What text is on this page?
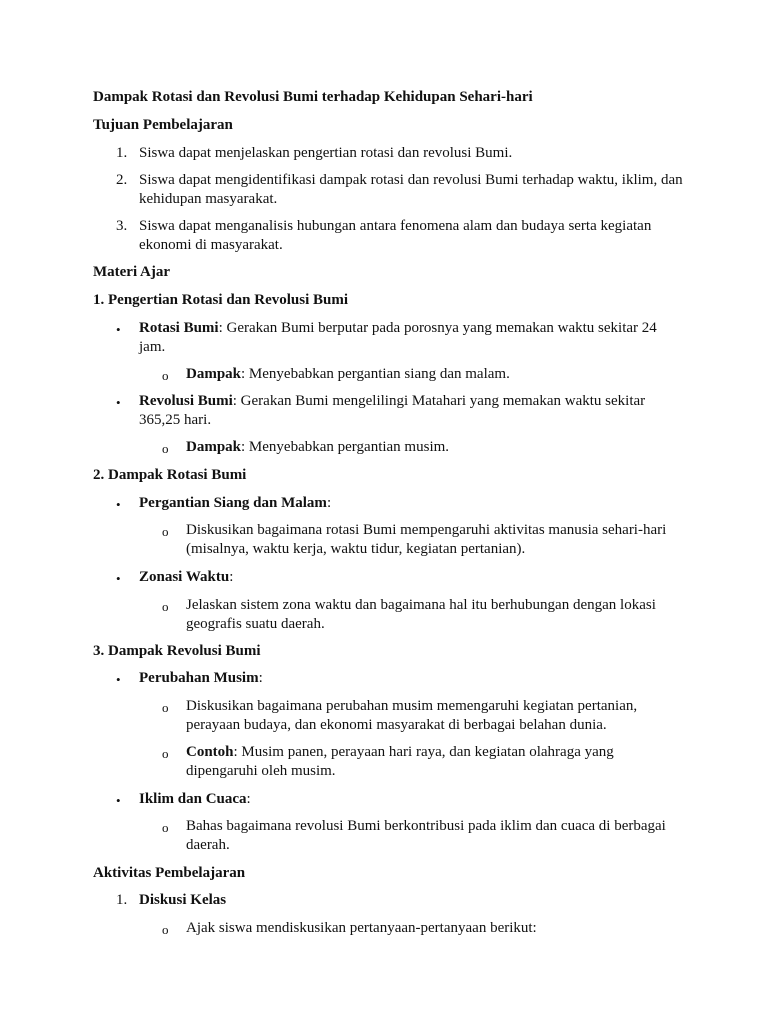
Dampak Rotasi dan Revolusi Bumi terhadap Kehidupan Sehari-hari
Tujuan Pembelajaran
1. Siswa dapat menjelaskan pengertian rotasi dan revolusi Bumi.
2. Siswa dapat mengidentifikasi dampak rotasi dan revolusi Bumi terhadap waktu, iklim, dan kehidupan masyarakat.
3. Siswa dapat menganalisis hubungan antara fenomena alam dan budaya serta kegiatan ekonomi di masyarakat.
Materi Ajar
1. Pengertian Rotasi dan Revolusi Bumi
• Rotasi Bumi: Gerakan Bumi berputar pada porosnya yang memakan waktu sekitar 24 jam.
o Dampak: Menyebabkan pergantian siang dan malam.
• Revolusi Bumi: Gerakan Bumi mengelilingi Matahari yang memakan waktu sekitar 365,25 hari.
o Dampak: Menyebabkan pergantian musim.
2. Dampak Rotasi Bumi
• Pergantian Siang dan Malam:
o Diskusikan bagaimana rotasi Bumi mempengaruhi aktivitas manusia sehari-hari (misalnya, waktu kerja, waktu tidur, kegiatan pertanian).
• Zonasi Waktu:
o Jelaskan sistem zona waktu dan bagaimana hal itu berhubungan dengan lokasi geografis suatu daerah.
3. Dampak Revolusi Bumi
• Perubahan Musim:
o Diskusikan bagaimana perubahan musim memengaruhi kegiatan pertanian, perayaan budaya, dan ekonomi masyarakat di berbagai belahan dunia.
o Contoh: Musim panen, perayaan hari raya, dan kegiatan olahraga yang dipengaruhi oleh musim.
• Iklim dan Cuaca:
o Bahas bagaimana revolusi Bumi berkontribusi pada iklim dan cuaca di berbagai daerah.
Aktivitas Pembelajaran
1. Diskusi Kelas
o Ajak siswa mendiskusikan pertanyaan-pertanyaan berikut:
